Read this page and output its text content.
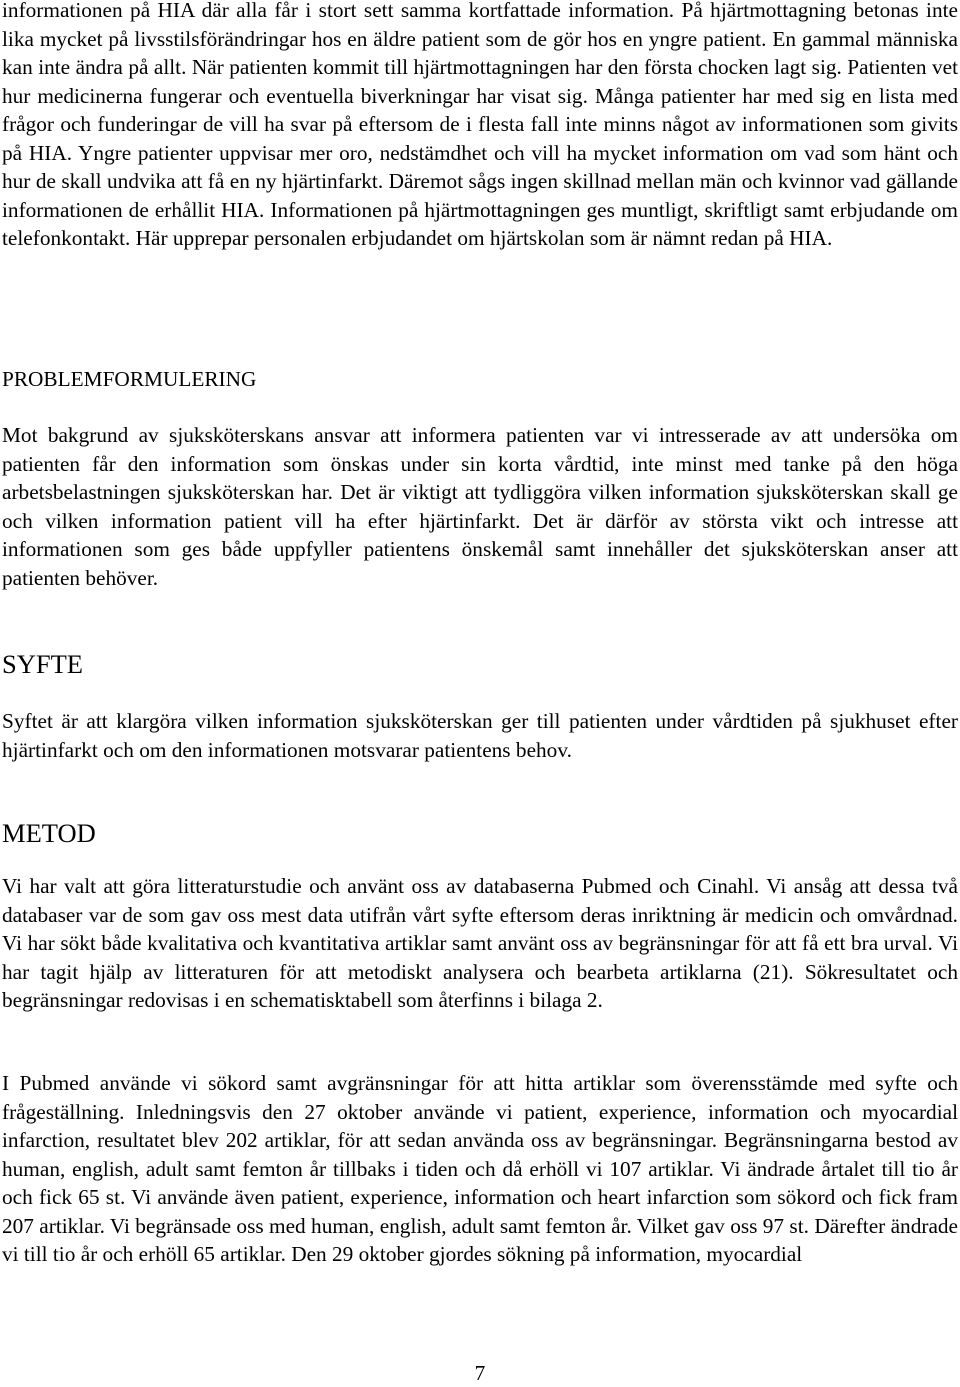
informationen på HIA där alla får i stort sett samma kortfattade information. På hjärtmottagning betonas inte lika mycket på livsstilsförändringar hos en äldre patient som de gör hos en yngre patient. En gammal människa kan inte ändra på allt. När patienten kommit till hjärtmottagningen har den första chocken lagt sig. Patienten vet hur medicinerna fungerar och eventuella biverkningar har visat sig. Många patienter har med sig en lista med frågor och funderingar de vill ha svar på eftersom de i flesta fall inte minns något av informationen som givits på HIA. Yngre patienter uppvisar mer oro, nedstämdhet och vill ha mycket information om vad som hänt och hur de skall undvika att få en ny hjärtinfarkt. Däremot sågs ingen skillnad mellan män och kvinnor vad gällande informationen de erhållit HIA. Informationen på hjärtmottagningen ges muntligt, skriftligt samt erbjudande om telefonkontakt. Här upprepar personalen erbjudandet om hjärtskolan som är nämnt redan på HIA.

PROBLEMFORMULERING

Mot bakgrund av sjuksköterskans ansvar att informera patienten var vi intresserade av att undersöka om patienten får den information som önskas under sin korta vårdtid, inte minst med tanke på den höga arbetsbelastningen sjuksköterskan har. Det är viktigt att tydliggöra vilken information sjuksköterskan skall ge och vilken information patient vill ha efter hjärtinfarkt. Det är därför av största vikt och intresse att informationen som ges både uppfyller patientens önskemål samt innehåller det sjuksköterskan anser att patienten behöver.

SYFTE

Syftet är att klargöra vilken information sjuksköterskan ger till patienten under vårdtiden på sjukhuset efter hjärtinfarkt och om den informationen motsvarar patientens behov.

METOD

Vi har valt att göra litteraturstudie och använt oss av databaserna Pubmed och Cinahl. Vi ansåg att dessa två databaser var de som gav oss mest data utifrån vårt syfte eftersom deras inriktning är medicin och omvårdnad. Vi har sökt både kvalitativa och kvantitativa artiklar samt använt oss av begränsningar för att få ett bra urval. Vi har tagit hjälp av litteraturen för att metodiskt analysera och bearbeta artiklarna (21). Sökresultatet och begränsningar redovisas i en schematisktabell som återfinns i bilaga 2.

I Pubmed använde vi sökord samt avgränsningar för att hitta artiklar som överensstämde med syfte och frågeställning. Inledningsvis den 27 oktober använde vi patient, experience, information och myocardial infarction, resultatet blev 202 artiklar, för att sedan använda oss av begränsningar. Begränsningarna bestod av human, english, adult samt femton år tillbaks i tiden och då erhöll vi 107 artiklar. Vi ändrade årtalet till tio år och fick 65 st. Vi använde även patient, experience, information och heart infarction som sökord och fick fram 207 artiklar. Vi begränsade oss med human, english, adult samt femton år. Vilket gav oss 97 st. Därefter ändrade vi till tio år och erhöll 65 artiklar. Den 29 oktober gjordes sökning på information, myocardial

7
